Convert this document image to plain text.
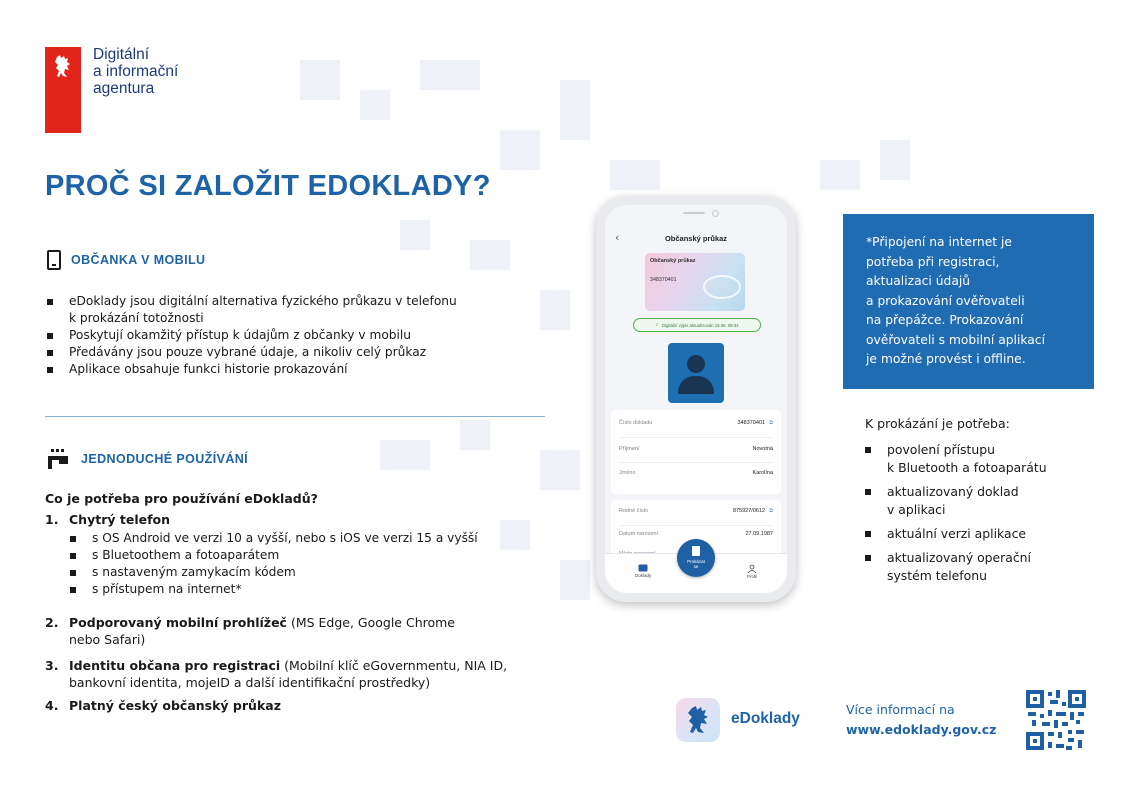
Digitální
a informační
agentura
PROČ SI ZALOŽIT EDOKLADY?
OBČANKA V MOBILU
eDoklady jsou digitální alternativa fyzického průkazu v telefonu
k prokázání totožnosti
Poskytují okamžitý přístup k údajům z občanky v mobilu
Předávány jsou pouze vybrané údaje, a nikoliv celý průkaz
Aplikace obsahuje funkci historie prokazování
JEDNODUCHÉ POUŽÍVÁNÍ
Co je potřeba pro používání eDokladů?
1. Chytrý telefon
s OS Android ve verzi 10 a vyšší, nebo s iOS ve verzi 15 a vyšší
s Bluetoothem a fotoaparátem
s nastaveným zamykacím kódem
s přístupem na internet*
2. Podporovaný mobilní prohlížeč (MS Edge, Google Chrome
nebo Safari)
3. Identitu občana pro registraci (Mobilní klíč eGovernmentu, NIA ID,
bankovní identita, mojeID a další identifikační prostředky)
4. Platný český občanský průkaz
‹	Občanský průkaz
Občanský průkaz
348370401
✓ Digitální výpis aktualizován 15.08. 08:34
Číslo dokladu	348370401 ⧉
Příjmení	Novotná
Jméno	Karolína
Rodné číslo	875927/0612 ⧉
Datum narození	27.09.1987
Doklady	Profil
Prokázat
se
*Připojení na internet je
potřeba při registraci,
aktualizaci údajů
a prokazování ověřovateli
na přepážce. Prokazování
ověřovateli s mobilní aplikací
je možné provést i offline.
K prokázání je potřeba:
povolení přístupu
k Bluetooth a fotoaparátu
aktualizovaný doklad
v aplikaci
aktuální verzi aplikace
aktualizovaný operační
systém telefonu
eDoklady
Více informací na
www.edoklady.gov.cz
